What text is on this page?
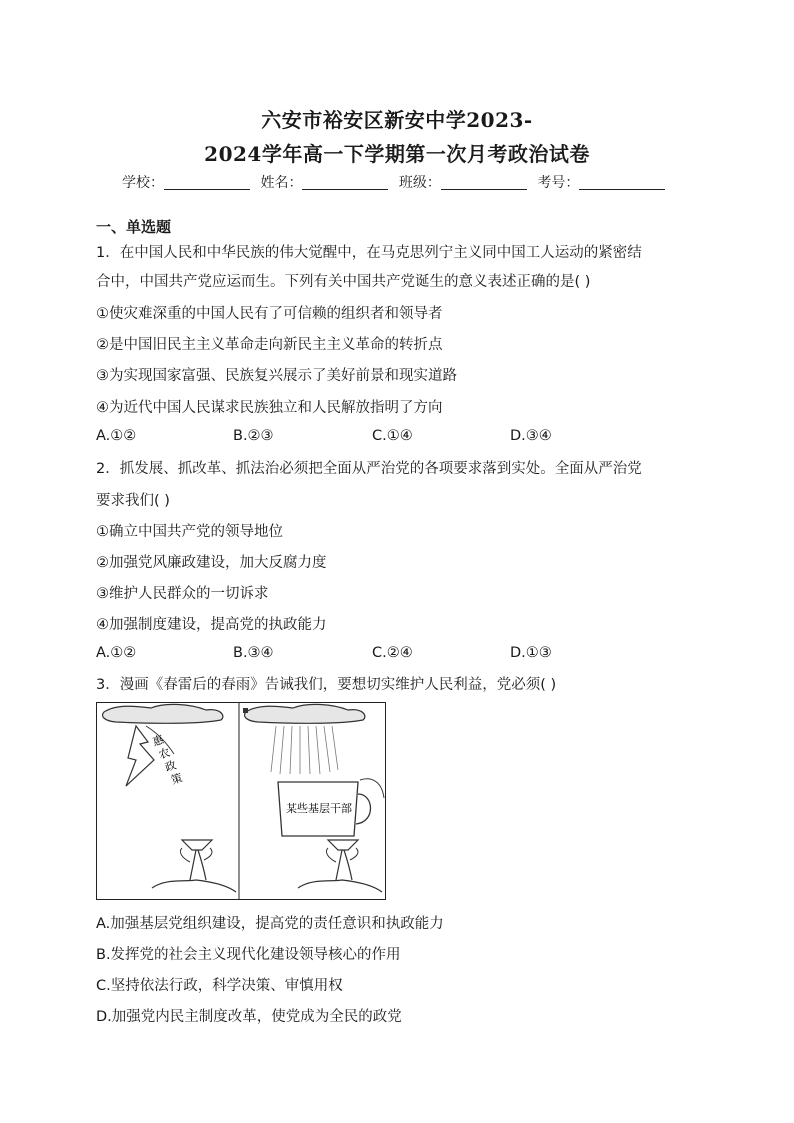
六安市裕安区新安中学2023-
2024学年高一下学期第一次月考政治试卷
学校：	姓名：	班级：	考号：
一、单选题
1．在中国人民和中华民族的伟大觉醒中，在马克思列宁主义同中国工人运动的紧密结
合中，中国共产党应运而生。下列有关中国共产党诞生的意义表述正确的是( )
①使灾难深重的中国人民有了可信赖的组织者和领导者
②是中国旧民主主义革命走向新民主主义革命的转折点
③为实现国家富强、民族复兴展示了美好前景和现实道路
④为近代中国人民谋求民族独立和人民解放指明了方向
A.①②	B.②③	C.①④	D.③④
2．抓发展、抓改革、抓法治必须把全面从严治党的各项要求落到实处。全面从严治党
要求我们( )
①确立中国共产党的领导地位
②加强党风廉政建设，加大反腐力度
③维护人民群众的一切诉求
④加强制度建设，提高党的执政能力
A.①②	B.③④	C.②④	D.①③
3．漫画《春雷后的春雨》告诫我们，要想切实维护人民利益，党必须( )
惠 农 政 策
某些基层干部
A.加强基层党组织建设，提高党的责任意识和执政能力
B.发挥党的社会主义现代化建设领导核心的作用
C.坚持依法行政，科学决策、审慎用权
D.加强党内民主制度改革，使党成为全民的政党
